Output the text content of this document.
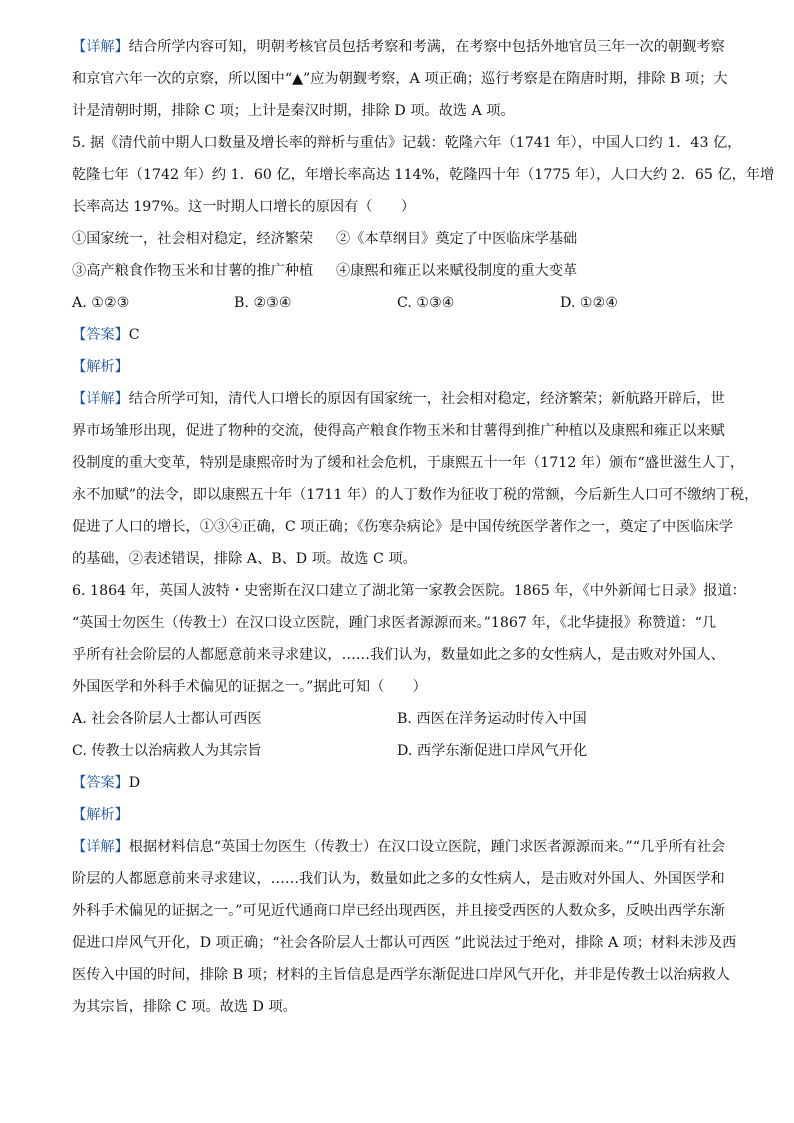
【详解】结合所学内容可知，明朝考核官员包括考察和考满，在考察中包括外地官员三年一次的朝觐考察

和京官六年一次的京察，所以图中“▲”应为朝觐考察，A 项正确；巡行考察是在隋唐时期，排除 B 项；大

计是清朝时期，排除 C 项；上计是秦汉时期，排除 D 项。故选 A 项。

5. 据《清代前中期人口数量及增长率的辩析与重估》记载：乾隆六年（1741 年），中国人口约 1．43 亿，

乾隆七年（1742 年）约 1．60 亿，年增长率高达 114%，乾隆四十年（1775 年），人口大约 2．65 亿，年增

长率高达 197%。这一时期人口增长的原因有（　　）

①国家统一，社会相对稳定，经济繁荣 ②《本草纲目》奠定了中医临床学基础
③高产粮食作物玉米和甘薯的推广种植 ④康熙和雍正以来赋役制度的重大变革
A. ①②③	B. ②③④	C. ①③④	D. ①②④

【答案】C

【解析】

【详解】结合所学可知，清代人口增长的原因有国家统一，社会相对稳定，经济繁荣；新航路开辟后，世

界市场雏形出现，促进了物种的交流，使得高产粮食作物玉米和甘薯得到推广种植以及康熙和雍正以来赋

役制度的重大变革，特别是康熙帝时为了缓和社会危机，于康熙五十一年（1712 年）颁布“盛世滋生人丁，

永不加赋”的法令，即以康熙五十年（1711 年）的人丁数作为征收丁税的常额，今后新生人口可不缴纳丁税，

促进了人口的增长，①③④正确，C 项正确；《伤寒杂病论》是中国传统医学著作之一，奠定了中医临床学

的基础，②表述错误，排除 A、B、D 项。故选 C 项。

6. 1864 年，英国人波特・史密斯在汉口建立了湖北第一家教会医院。1865 年，《中外新闻七日录》报道：

“英国士勿医生（传教士）在汉口设立医院，踵门求医者源源而来。”1867 年，《北华捷报》称赞道：“几

乎所有社会阶层的人都愿意前来寻求建议，……我们认为，数量如此之多的女性病人，是击败对外国人、

外国医学和外科手术偏见的证据之一。”据此可知（　　）

A. 社会各阶层人士都认可西医	B. 西医在洋务运动时传入中国
C. 传教士以治病救人为其宗旨	D. 西学东渐促进口岸风气开化

【答案】D

【解析】

【详解】根据材料信息“英国士勿医生（传教士）在汉口设立医院，踵门求医者源源而来。”“几乎所有社会

阶层的人都愿意前来寻求建议，……我们认为，数量如此之多的女性病人，是击败对外国人、外国医学和

外科手术偏见的证据之一。”可见近代通商口岸已经出现西医，并且接受西医的人数众多，反映出西学东渐

促进口岸风气开化，D 项正确；“社会各阶层人士都认可西医 ”此说法过于绝对，排除 A 项；材料未涉及西

医传入中国的时间，排除 B 项；材料的主旨信息是西学东渐促进口岸风气开化，并非是传教士以治病救人

为其宗旨，排除 C 项。故选 D 项。
